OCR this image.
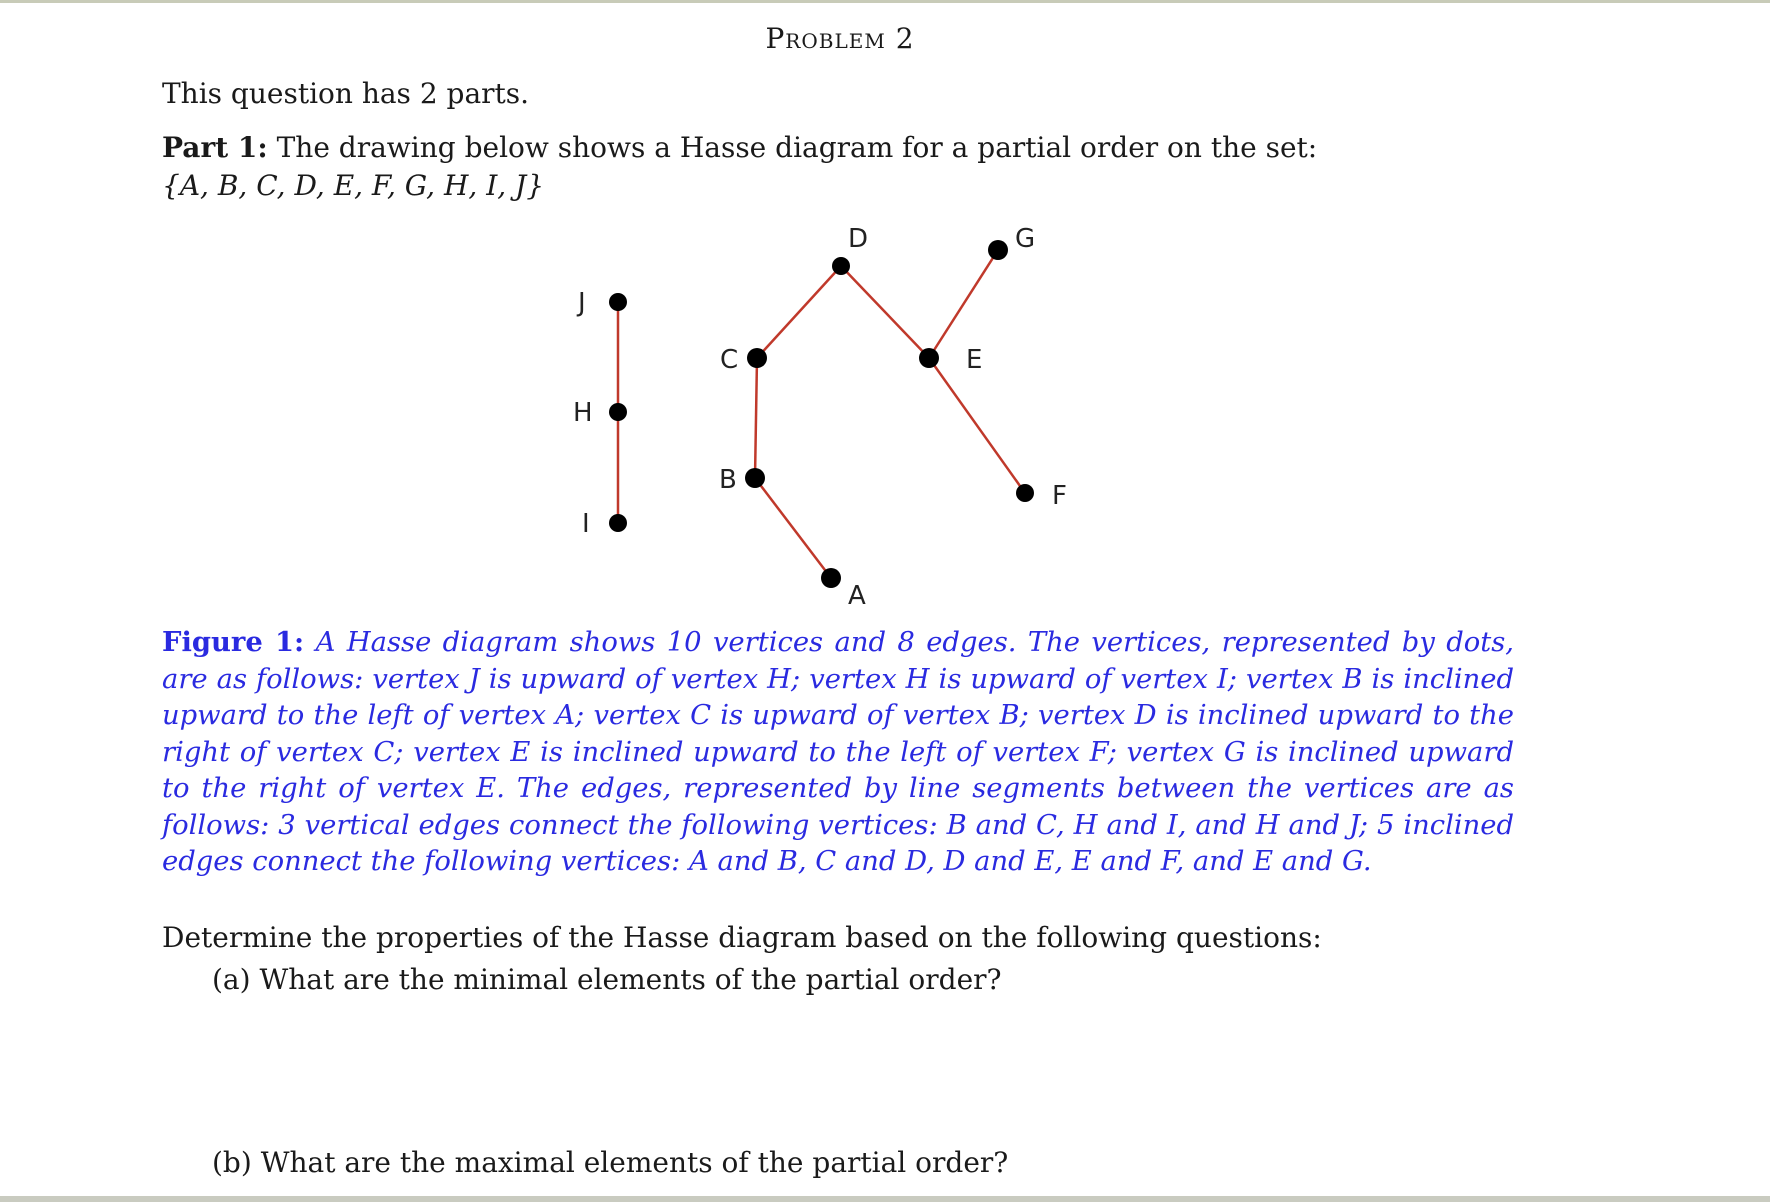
Problem 2
This question has 2 parts.
Part 1: The drawing below shows a Hasse diagram for a partial order on the set:
{A, B, C, D, E, F, G, H, I, J}
J
H
I
C
B
A
D
E
G
F
Figure 1: A Hasse diagram shows 10 vertices and 8 edges. The vertices, represented by dots, are as follows: vertex J is upward of vertex H; vertex H is upward of vertex I; vertex B is inclined upward to the left of vertex A; vertex C is upward of vertex B; vertex D is inclined upward to the right of vertex C; vertex E is inclined upward to the left of vertex F; vertex G is inclined upward to the right of vertex E. The edges, represented by line segments between the vertices are as follows: 3 vertical edges connect the following vertices: B and C, H and I, and H and J; 5 inclined edges connect the following vertices: A and B, C and D, D and E, E and F, and E and G.
Determine the properties of the Hasse diagram based on the following questions:
(a) What are the minimal elements of the partial order?
(b) What are the maximal elements of the partial order?
